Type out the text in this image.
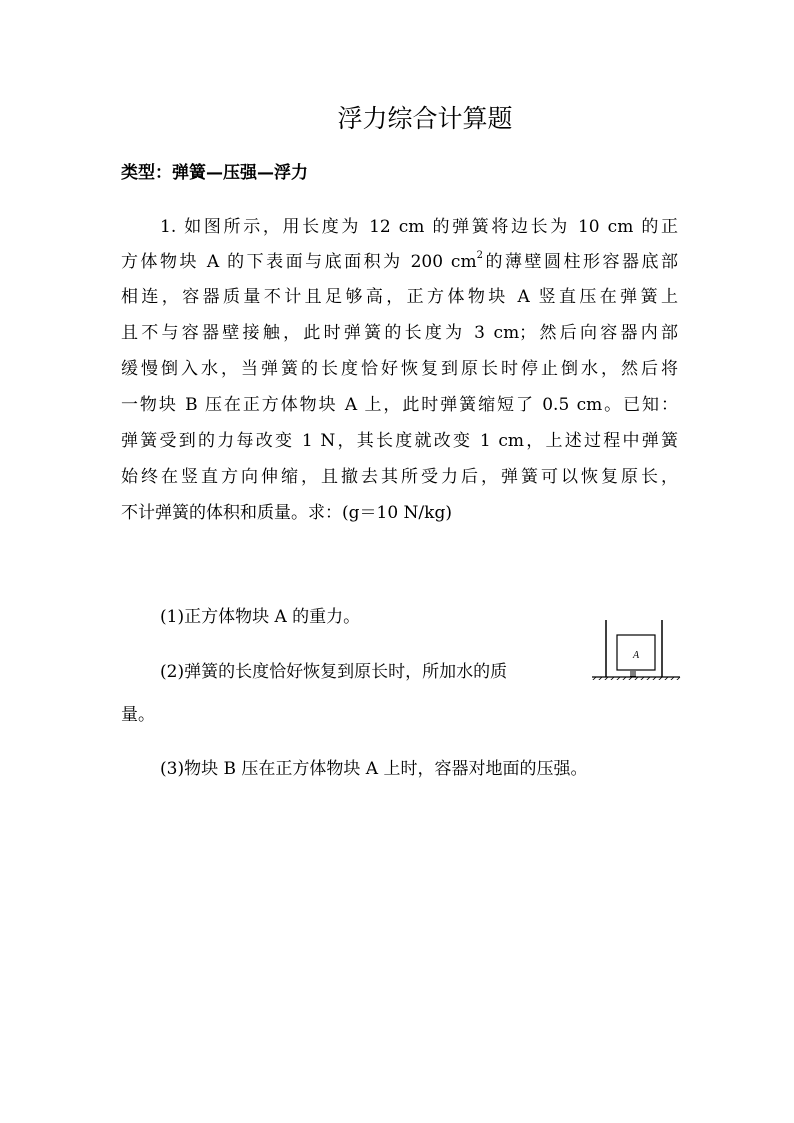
浮力综合计算题
类型：弹簧—压强—浮力
1. 如图所示，用长度为 12 cm 的弹簧将边长为 10 cm 的正
方体物块 A 的下表面与底面积为 200 $cm^2$的薄壁圆柱形容器底部
相连，容器质量不计且足够高，正方体物块 A 竖直压在弹簧上
且不与容器壁接触，此时弹簧的长度为 3 cm；然后向容器内部
缓慢倒入水，当弹簧的长度恰好恢复到原长时停止倒水，然后将
一物块 B 压在正方体物块 A 上，此时弹簧缩短了 0.5 cm。已知：
弹簧受到的力每改变 1 N，其长度就改变 1 cm，上述过程中弹簧
始终在竖直方向伸缩，且撤去其所受力后，弹簧可以恢复原长，
不计弹簧的体积和质量。求：(g＝10 N/kg)
(1)正方体物块 A 的重力。
(2)弹簧的长度恰好恢复到原长时，所加水的质
量。
(3)物块 B 压在正方体物块 A 上时，容器对地面的压强。
A
